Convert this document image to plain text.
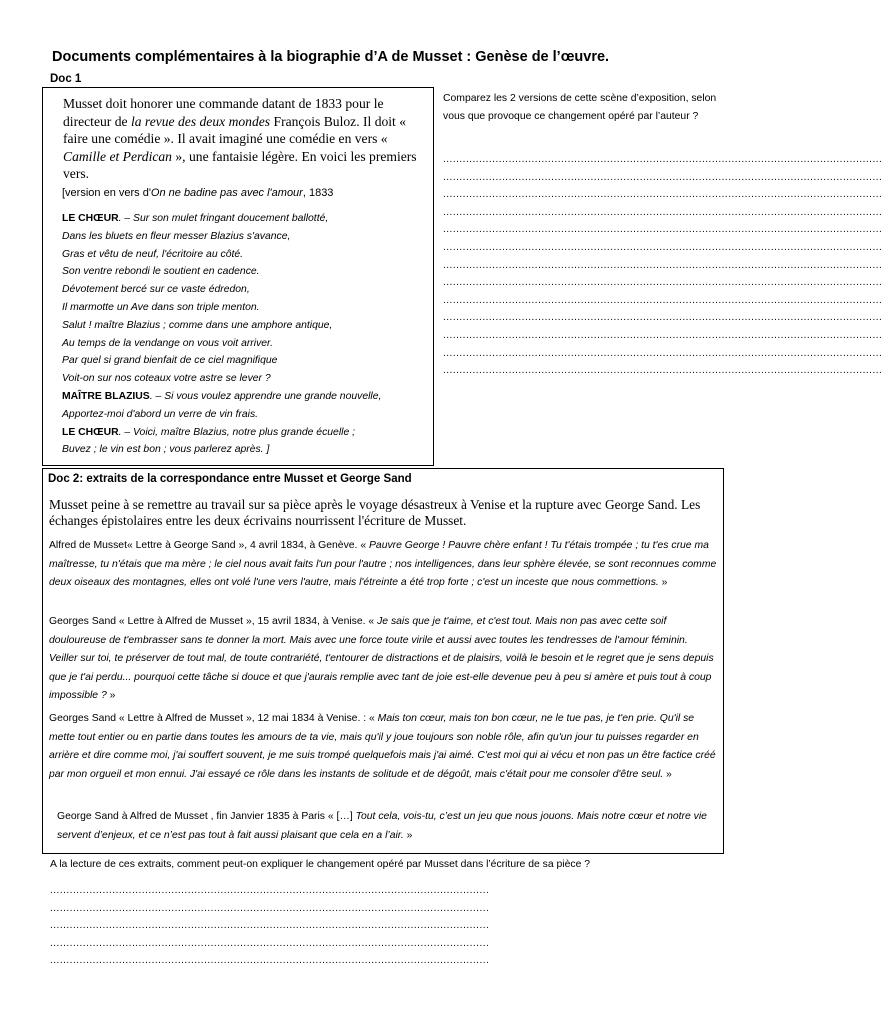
Documents complémentaires à la biographie d’A de Musset : Genèse de l’œuvre.
Doc 1
Musset doit honorer une commande datant de 1833 pour le directeur de la revue des deux mondes François Buloz. Il doit « faire une comédie ». Il avait imaginé une comédie en vers « Camille et Perdican », une fantaisie légère. En voici les premiers vers.
[version en vers d'On ne badine pas avec l'amour, 1833
LE CHŒUR. – Sur son mulet fringant doucement ballotté,
Dans les bluets en fleur messer Blazius s'avance,
Gras et vêtu de neuf, l'écritoire au côté.
Son ventre rebondi le soutient en cadence.
Dévotement bercé sur ce vaste édredon,
Il marmotte un Ave dans son triple menton.
Salut ! maître Blazius ; comme dans une amphore antique,
Au temps de la vendange on vous voit arriver.
Par quel si grand bienfait de ce ciel magnifique
Voit-on sur nos coteaux votre astre se lever ?
MAÎTRE BLAZIUS. – Si vous voulez apprendre une grande nouvelle,
Apportez-moi d'abord un verre de vin frais.
LE CHŒUR. – Voici, maître Blazius, notre plus grande écuelle ;
Buvez ; le vin est bon ; vous parlerez après. ]
Comparez les 2 versions de cette scène d’exposition, selon vous que provoque ce changement opéré par l’auteur ?
......................................................................................................................................
......................................................................................................................................
......................................................................................................................................
......................................................................................................................................
......................................................................................................................................
......................................................................................................................................
......................................................................................................................................
......................................................................................................................................
......................................................................................................................................
......................................................................................................................................
......................................................................................................................................
......................................................................................................................................
......................................................................................................................................
Doc 2: extraits de la correspondance entre Musset et George Sand
Musset peine à se remettre au travail sur sa pièce après le voyage désastreux à Venise et la rupture avec George Sand. Les échanges épistolaires entre les deux écrivains nourrissent l'écriture de Musset.
Alfred de Musset« Lettre à George Sand », 4 avril 1834, à Genève. « Pauvre George ! Pauvre chère enfant ! Tu t'étais trompée ; tu t'es crue ma maîtresse, tu n'étais que ma mère ; le ciel nous avait faits l'un pour l'autre ; nos intelligences, dans leur sphère élevée, se sont reconnues comme deux oiseaux des montagnes, elles ont volé l'une vers l'autre, mais l'étreinte a été trop forte ; c'est un inceste que nous commettions. »
Georges Sand « Lettre à Alfred de Musset », 15 avril 1834, à Venise. « Je sais que je t'aime, et c'est tout. Mais non pas avec cette soif douloureuse de t'embrasser sans te donner la mort. Mais avec une force toute virile et aussi avec toutes les tendresses de l'amour féminin. Veiller sur toi, te préserver de tout mal, de toute contrariété, t'entourer de distractions et de plaisirs, voilà le besoin et le regret que je sens depuis que je t'ai perdu... pourquoi cette tâche si douce et que j'aurais remplie avec tant de joie est-elle devenue peu à peu si amère et puis tout à coup impossible ? »
Georges Sand « Lettre à Alfred de Musset », 12 mai 1834 à Venise. : « Mais ton cœur, mais ton bon cœur, ne le tue pas, je t'en prie. Qu'il se mette tout entier ou en partie dans toutes les amours de ta vie, mais qu'il y joue toujours son noble rôle, afin qu'un jour tu puisses regarder en arrière et dire comme moi, j'ai souffert souvent, je me suis trompé quelquefois mais j'ai aimé. C'est moi qui ai vécu et non pas un être factice créé par mon orgueil et mon ennui. J'ai essayé ce rôle dans les instants de solitude et de dégoût, mais c'était pour me consoler d'être seul. »
George Sand à Alfred de Musset , fin Janvier 1835 à Paris « […] Tout cela, vois-tu, c’est un jeu que nous jouons. Mais notre cœur et notre vie servent d’enjeux, et ce n’est pas tout à fait aussi plaisant que cela en a l’air. »
A la lecture de ces extraits, comment peut-on expliquer le changement opéré par Musset dans l’écriture de sa pièce ?
......................................................................................................................................
......................................................................................................................................
......................................................................................................................................
......................................................................................................................................
......................................................................................................................................
